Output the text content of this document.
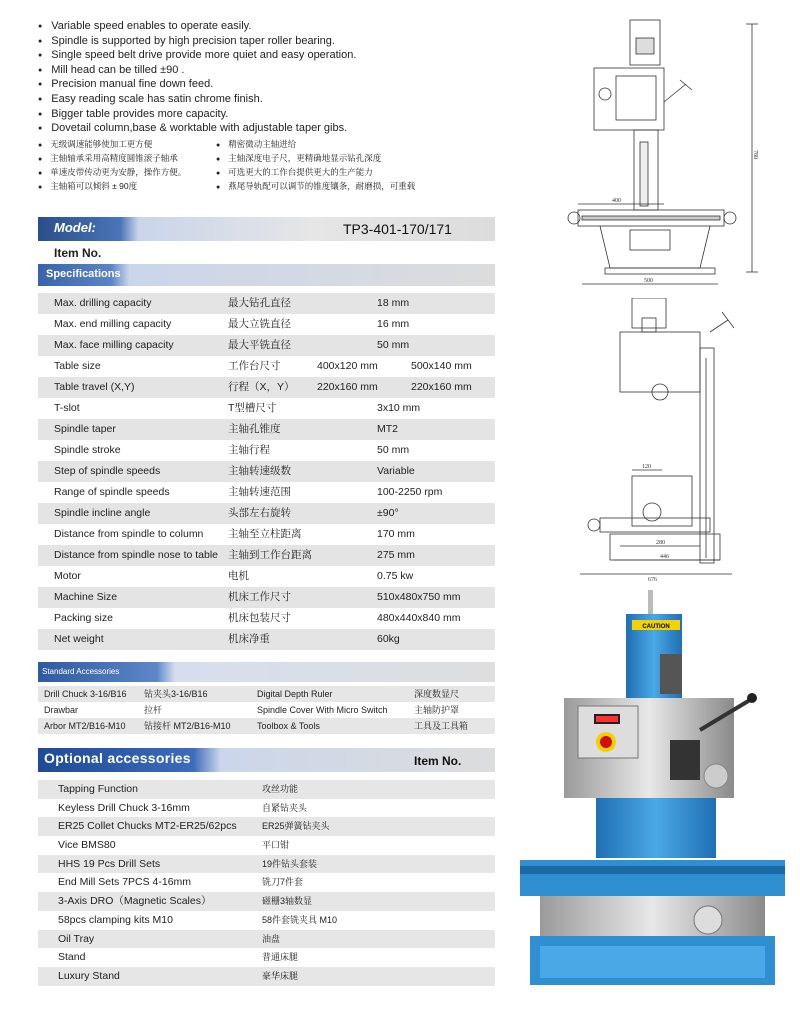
● Variable speed enables to operate easily.
● Spindle is supported by high precision taper roller bearing.
● Single speed belt drive provide more quiet and easy operation.
● Mill head can be tilled ±90 .
● Precision manual fine down feed.
● Easy reading scale has satin chrome finish.
● Bigger table provides more capacity.
● Dovetail column,base & worktable with adjustable taper gibs.
● 无级调速能够使加工更方便	● 精密微动主轴进给
● 主轴轴承采用高精度圆锥滚子轴承	● 主轴深度电子尺，更精确地显示钻孔深度
● 单速皮带传动更为安静，操作方便。	● 可选更大的工作台提供更大的生产能力
● 主轴箱可以倾斜 ± 90度	● 燕尾导轨配可以调节的锥度镶条，耐磨损，可重载
Model:	TP3-401-170/171
Item No.
Specifications
Max. drilling capacity	最大钻孔直径	18 mm
Max. end milling capacity	最大立铣直径	16 mm
Max. face milling capacity	最大平铣直径	50 mm
Table size	工作台尺寸	400x120 mm	500x140 mm
Table travel (X,Y)	行程（X，Y） 220x160 mm	220x160 mm
T-slot	T型槽尺寸	3x10 mm
Spindle taper	主轴孔锥度	MT2
Spindle stroke	主轴行程	50 mm
Step of spindle speeds	主轴转速级数	Variable
Range of spindle speeds	主轴转速范围	100-2250 rpm
Spindle incline angle	头部左右旋转	±90°
Distance from spindle to column 主轴至立柱距离	170 mm
Distance from spindle nose to table 主轴到工作台距离	275 mm
Motor	电机	0.75 kw
Machine Size	机床工作尺寸	510x480x750 mm
Packing size	机床包装尺寸	480x440x840 mm
Net weight	机床净重	60kg
Standard Accessories
Drill Chuck 3-16/B16 钻夹头3-16/B16	Digital Depth Ruler	深度数显尺
Drawbar	拉杆	Spindle Cover With Micro Switch	主轴防护罩
Arbor MT2/B16-M10 钻接杆 MT2/B16-M10	Toolbox & Tools	工具及工具箱
Optional accessories	Item No.
Tapping Function	攻丝功能
Keyless Drill Chuck 3-16mm	自紧钻夹头
ER25 Collet Chucks MT2-ER25/62pcs	ER25弹簧钻夹头
Vice BMS80	平口钳
HHS 19 Pcs Drill Sets	19件钻头套装
End Mill Sets 7PCS 4-16mm	铣刀7件套
3-Axis DRO（Magnetic Scales）	磁栅3轴数显
58pcs clamping kits M10	58件套铣夹具 M10
Oil Tray	油盘
Stand	普通床腿
Luxury Stand	豪华床腿
400
500
780
120
280
446
676
CAUTION
